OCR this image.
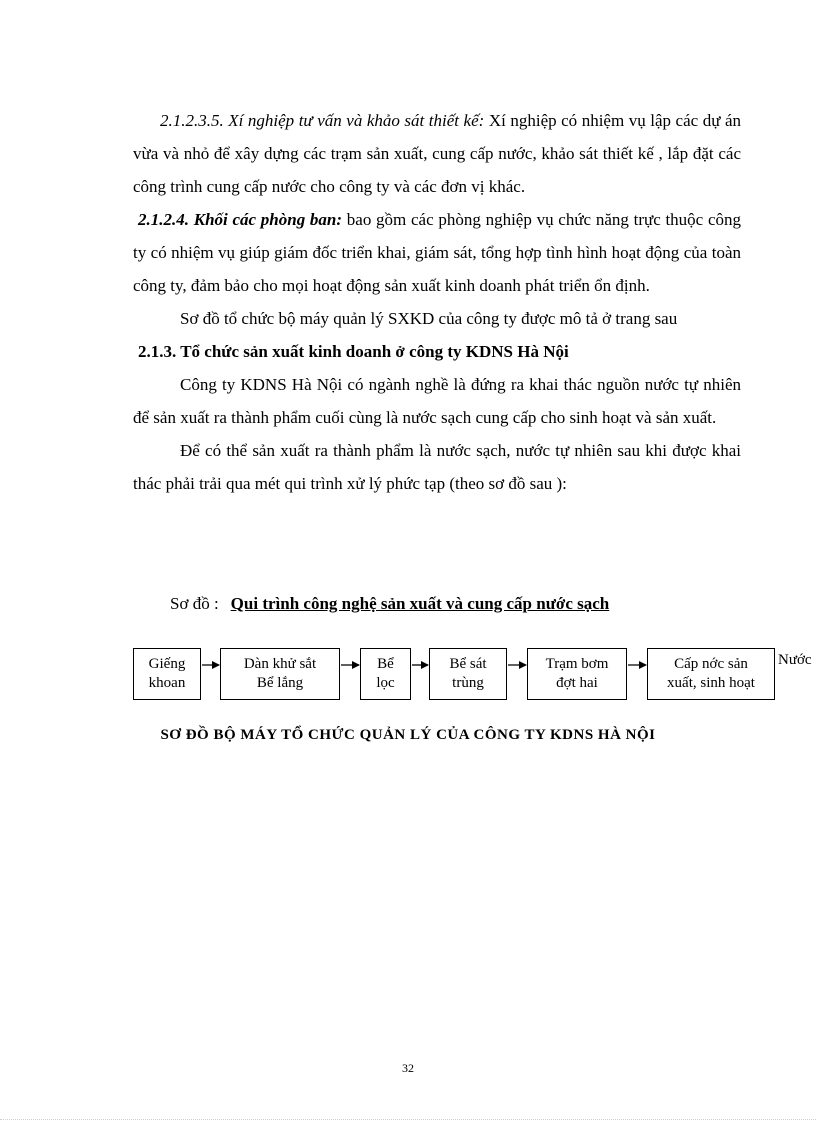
2.1.2.3.5. Xí nghiệp tư vấn và khảo sát thiết kế: Xí nghiệp có nhiệm vụ lập các dự án vừa và nhỏ để xây dựng các trạm sản xuất, cung cấp nước, khảo sát thiết kế , lắp đặt các công trình cung cấp nước cho công ty và các đơn vị khác.

2.1.2.4. Khối các phòng ban: bao gồm các phòng nghiệp vụ chức năng trực thuộc công ty có nhiệm vụ giúp giám đốc triển khai, giám sát, tổng hợp tình hình hoạt động của toàn công ty, đảm bảo cho mọi hoạt động sản xuất kinh doanh phát triển ổn định.

Sơ đồ tổ chức bộ máy quản lý SXKD của công ty được mô tả ở trang sau

2.1.3. Tổ chức sản xuất kinh doanh ở công ty KDNS Hà Nội

Công ty KDNS Hà Nội có ngành nghề là đứng ra khai thác nguồn nước tự nhiên để sản xuất ra thành phẩm cuối cùng là nước sạch cung cấp cho sinh hoạt và sản xuất.

Để có thể sản xuất ra thành phẩm là nước sạch, nước tự nhiên sau khi được khai thác phải trải qua mét qui trình xử lý phức tạp (theo sơ đồ sau ):

Sơ đồ : Qui trình công nghệ sản xuất và cung cấp nước sạch
Giếng
khoan
Dàn khử sắt
Bể lắng
Bể
lọc
Bể sát
trùng
Trạm bơm
đợt hai
Cấp nớc sản
xuất, sinh hoạt
Nước
SƠ ĐỒ BỘ MÁY TỔ CHỨC QUẢN LÝ CỦA CÔNG TY KDNS HÀ NỘI
32
